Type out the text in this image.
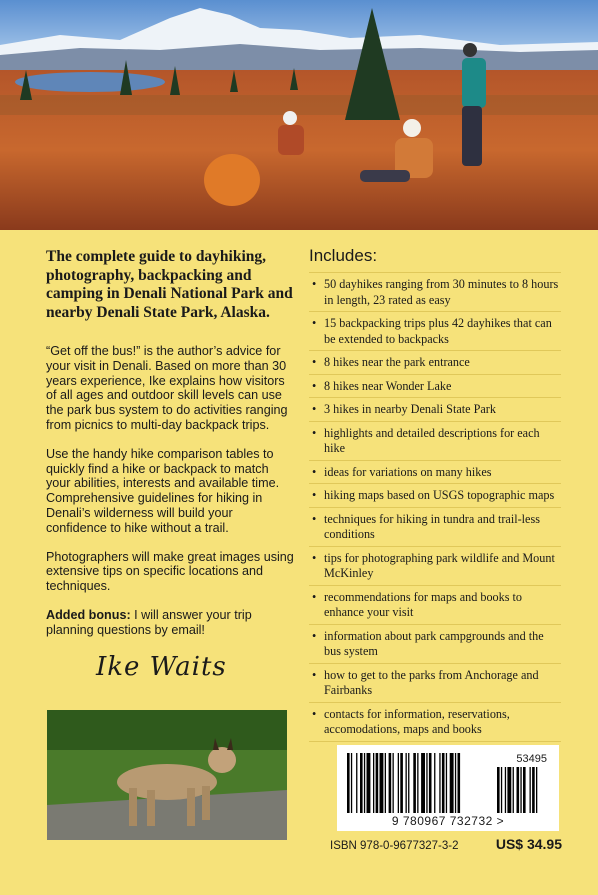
The complete guide to dayhiking, photography, backpacking and camping in Denali National Park and nearby Denali State Park, Alaska.

“Get off the bus!” is the author’s advice for your visit in Denali. Based on more than 30 years experience, Ike explains how visitors of all ages and outdoor skill levels can use the park bus system to do activities ranging from picnics to multi-day backpack trips.

Use the handy hike comparison tables to quickly find a hike or backpack to match your abilities, interests and available time. Comprehensive guidelines for hiking in Denali’s wilderness will build your confidence to hike without a trail.

Photographers will make great images using extensive tips on specific locations and techniques.

Added bonus: I will answer your trip planning questions by email!

Ike Waits
Includes:
• 50 dayhikes ranging from 30 minutes to 8 hours in length, 23 rated as easy
• 15 backpacking trips plus 42 dayhikes that can be extended to backpacks
• 8 hikes near the park entrance
• 8 hikes near Wonder Lake
• 3 hikes in nearby Denali State Park
• highlights and detailed descriptions for each hike
• ideas for variations on many hikes
• hiking maps based on USGS topographic maps
• techniques for hiking in tundra and trail-less conditions
• tips for photographing park wildlife and Mount McKinley
• recommendations for maps and books to enhance your visit
• information about park campgrounds and the bus system
• how to get to the parks from Anchorage and Fairbanks
• contacts for information, reservations, accomodations, maps and books
53495
9 780967 732732 >
ISBN 978-0-9677327-3-2	US$ 34.95
